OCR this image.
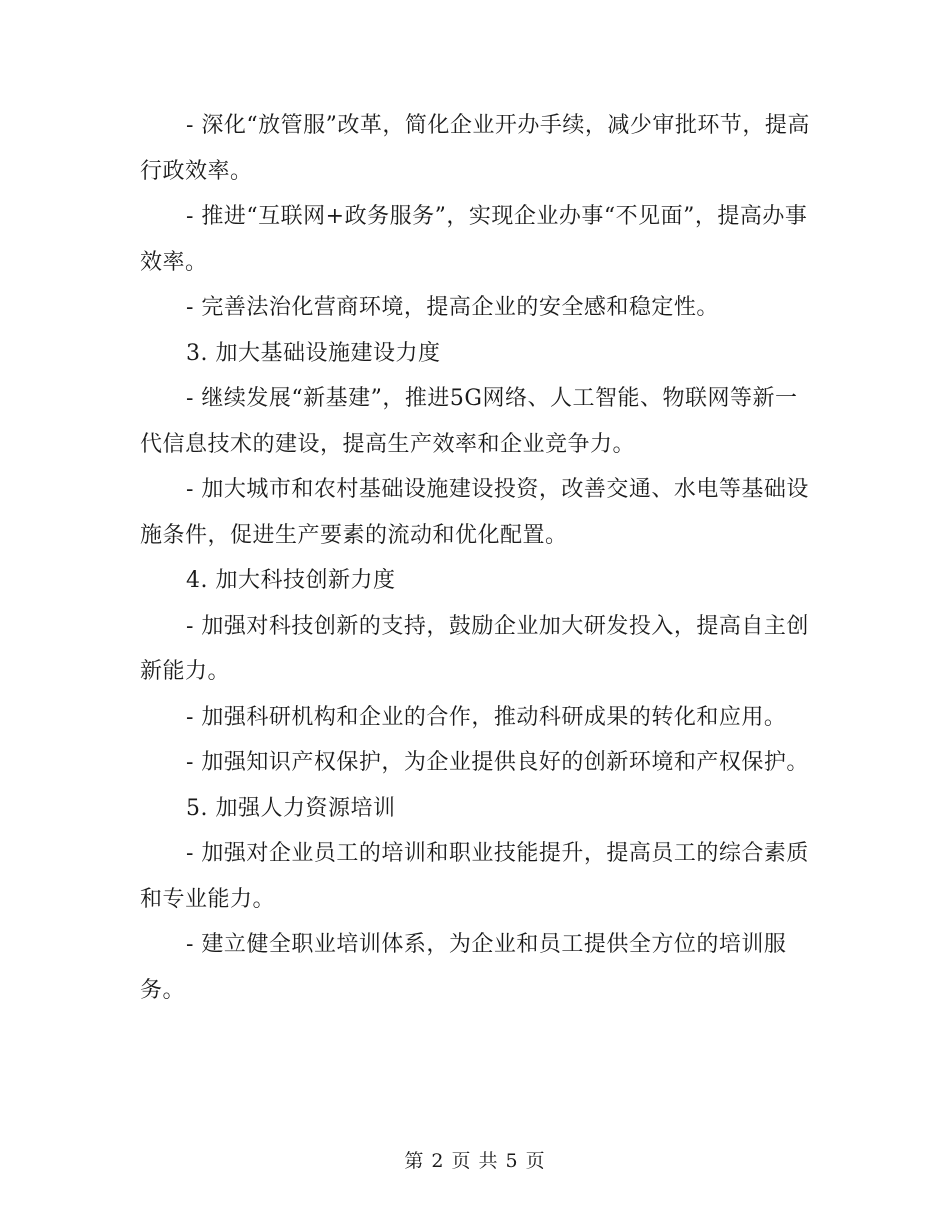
- 深化“放管服”改革，简化企业开办手续，减少审批环节，提高行政效率。

- 推进“互联网+政务服务”，实现企业办事“不见面”，提高办事效率。

- 完善法治化营商环境，提高企业的安全感和稳定性。

3. 加大基础设施建设力度

- 继续发展“新基建”，推进5G网络、人工智能、物联网等新一代信息技术的建设，提高生产效率和企业竞争力。

- 加大城市和农村基础设施建设投资，改善交通、水电等基础设施条件，促进生产要素的流动和优化配置。

4. 加大科技创新力度

- 加强对科技创新的支持，鼓励企业加大研发投入，提高自主创新能力。

- 加强科研机构和企业的合作，推动科研成果的转化和应用。

- 加强知识产权保护，为企业提供良好的创新环境和产权保护。

5. 加强人力资源培训

- 加强对企业员工的培训和职业技能提升，提高员工的综合素质和专业能力。

- 建立健全职业培训体系，为企业和员工提供全方位的培训服务。

第 2 页 共 5 页
